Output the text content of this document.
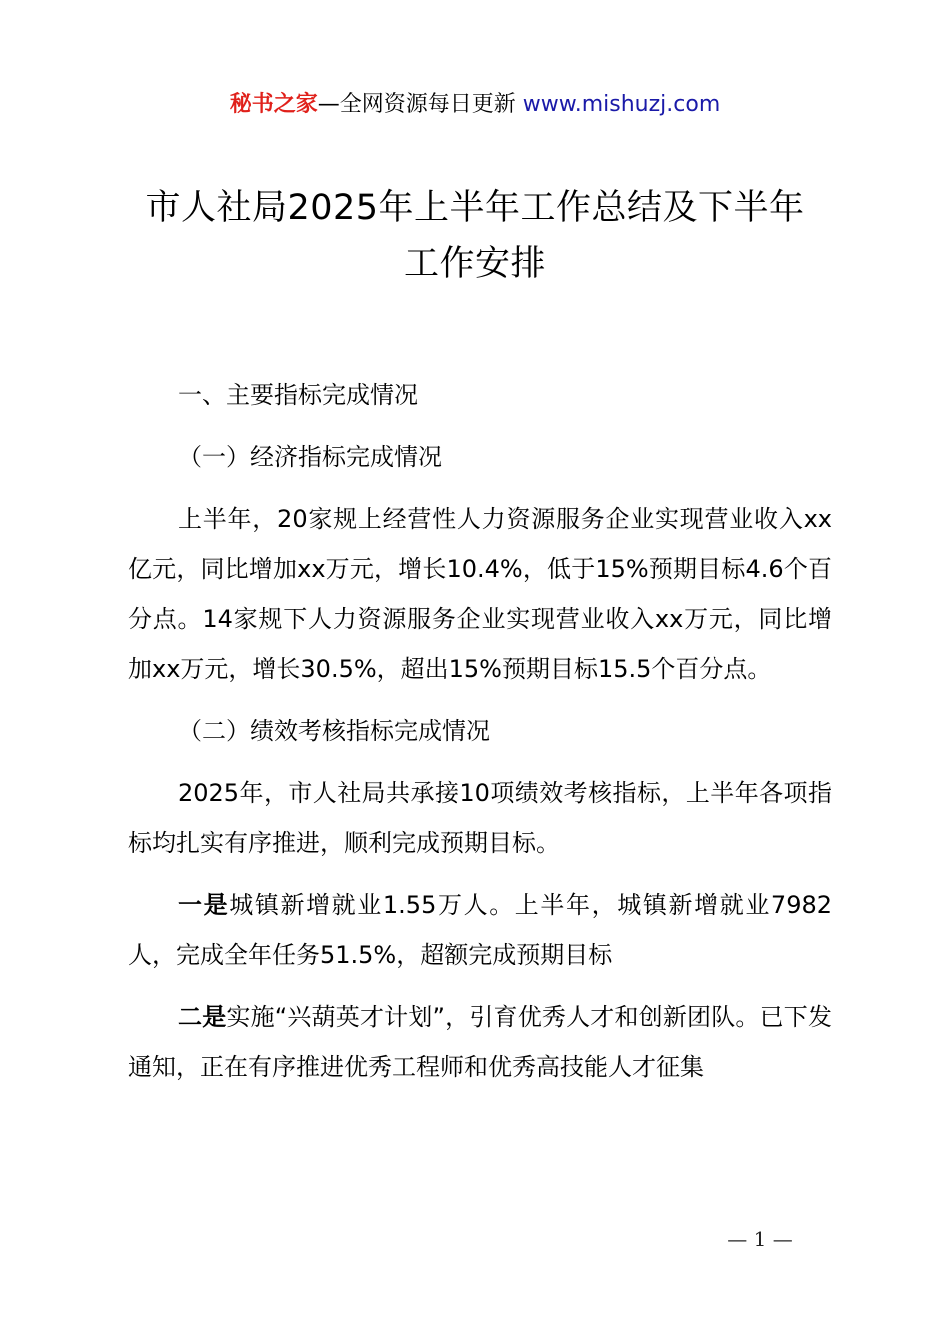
秘书之家—全网资源每日更新 www.mishuzj.com
市人社局2025年上半年工作总结及下半年
工作安排

一、主要指标完成情况

（一）经济指标完成情况

上半年，20家规上经营性人力资源服务企业实现营业收入xx亿元，同比增加xx万元，增长10.4%，低于15%预期目标4.6个百分点。14家规下人力资源服务企业实现营业收入xx万元，同比增加xx万元，增长30.5%，超出15%预期目标15.5个百分点。

（二）绩效考核指标完成情况

2025年，市人社局共承接10项绩效考核指标，上半年各项指标均扎实有序推进，顺利完成预期目标。

一是城镇新增就业1.55万人。上半年，城镇新增就业7982人，完成全年任务51.5%，超额完成预期目标

二是实施“兴葫英才计划”，引育优秀人才和创新团队。已下发通知，正在有序推进优秀工程师和优秀高技能人才征集

— 1 —
